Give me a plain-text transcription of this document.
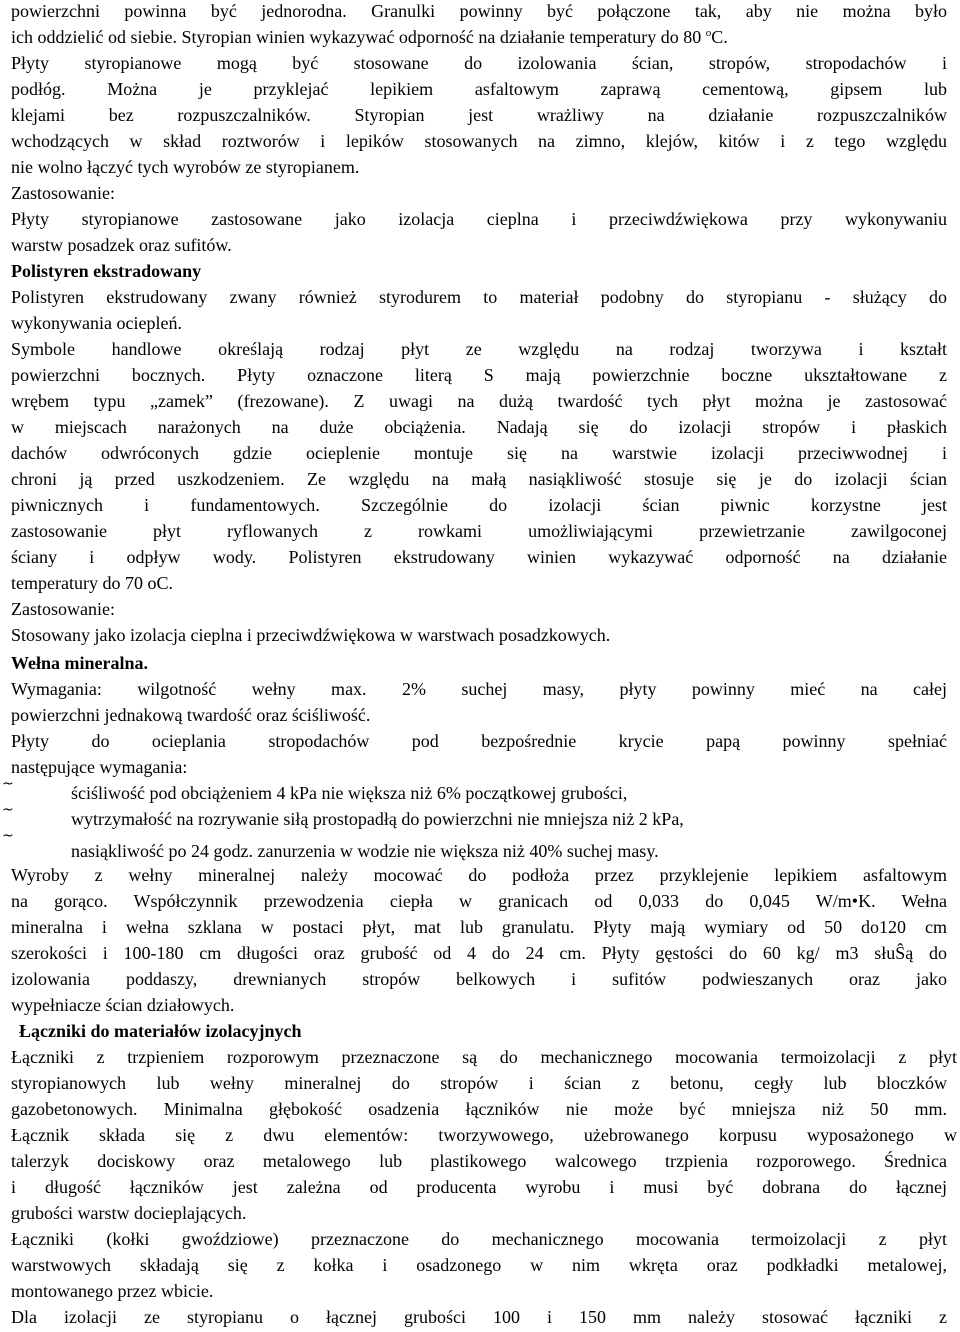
powierzchni powinna być jednorodna. Granulki powinny być połączone tak, aby nie można było
ich oddzielić od siebie. Styropian winien wykazywać odporność na działanie temperatury do 80 $^o$C.
Płyty styropianowe mogą być stosowane do izolowania ścian, stropów, stropodachów i
podłóg. Można je przyklejać lepikiem asfaltowym zaprawą cementową, gipsem lub
klejami bez rozpuszczalników. Styropian jest wrażliwy na działanie rozpuszczalników
wchodzących w skład roztworów i lepików stosowanych na zimno, klejów, kitów i z tego względu
nie wolno łączyć tych wyrobów ze styropianem.
Zastosowanie:
Płyty styropianowe zastosowane jako izolacja cieplna i przeciwdźwiękowa przy wykonywaniu
warstw posadzek oraz sufitów.
Polistyren ekstradowany
Polistyren ekstrudowany zwany również styrodurem to materiał podobny do styropianu - służący do
wykonywania ociepleń.
Symbole handlowe określają rodzaj płyt ze względu na rodzaj tworzywa i kształt
powierzchni bocznych. Płyty oznaczone literą S mają powierzchnie boczne ukształtowane z
wrębem typu „zamek” (frezowane). Z uwagi na dużą twardość tych płyt można je zastosować
w miejscach narażonych na duże obciążenia. Nadają się do izolacji stropów i płaskich
dachów odwróconych gdzie ocieplenie montuje się na warstwie izolacji przeciwwodnej i
chroni ją przed uszkodzeniem. Ze względu na małą nasiąkliwość stosuje się je do izolacji ścian
piwnicznych i fundamentowych. Szczególnie do izolacji ścian piwnic korzystne jest
zastosowanie płyt ryflowanych z rowkami umożliwiającymi przewietrzanie zawilgoconej
ściany i odpływ wody. Polistyren ekstrudowany winien wykazywać odporność na działanie
temperatury do 70 oC.
Zastosowanie:
Stosowany jako izolacja cieplna i przeciwdźwiękowa w warstwach posadzkowych.
Wełna mineralna.
Wymagania: wilgotność wełny max. 2% suchej masy, płyty powinny mieć na całej
powierzchni jednakową twardość oraz ściśliwość.
Płyty do ocieplania stropodachów pod bezpośrednie krycie papą powinny spełniać
następujące wymagania:
~	ściśliwość pod obciążeniem 4 kPa nie większa niż 6% początkowej grubości,
~	wytrzymałość na rozrywanie siłą prostopadłą do powierzchni nie mniejsza niż 2 kPa,
~
nasiąkliwość po 24 godz. zanurzenia w wodzie nie większa niż 40% suchej masy.
Wyroby z wełny mineralnej należy mocować do podłoża przez przyklejenie lepikiem asfaltowym
na gorąco. Współczynnik przewodzenia ciepła w granicach od 0,033 do 0,045 W/m•K. Wełna
mineralna i wełna szklana w postaci płyt, mat lub granulatu. Płyty mają wymiary od 50 do120 cm
szerokości i 100-180 cm długości oraz grubość od 4 do 24 cm. Płyty gęstości do 60 kg/ m3 słuŜą do
izolowania poddaszy, drewnianych stropów belkowych i sufitów podwieszanych oraz jako
wypełniacze ścian działowych.
Łączniki do materiałów izolacyjnych
Łączniki z trzpieniem rozporowym przeznaczone są do mechanicznego mocowania termoizolacji z płyt
styropianowych lub wełny mineralnej do stropów i ścian z betonu, cegły lub bloczków
gazobetonowych. Minimalna głębokość osadzenia łączników nie może być mniejsza niż 50 mm.
Łącznik składa się z dwu elementów: tworzywowego, użebrowanego korpusu wyposażonego w
talerzyk dociskowy oraz metalowego lub plastikowego walcowego trzpienia rozporowego. Średnica
i długość łączników jest zależna od producenta wyrobu i musi być dobrana do łącznej
grubości warstw docieplających.
Łączniki (kołki gwoździowe) przeznaczone do mechanicznego mocowania termoizolacji z płyt
warstwowych składają się z kołka i osadzonego w nim wkręta oraz podkładki metalowej,
montowanego przez wbicie.
Dla izolacji ze styropianu o łącznej grubości 100 i 150 mm należy stosować łączniki z
